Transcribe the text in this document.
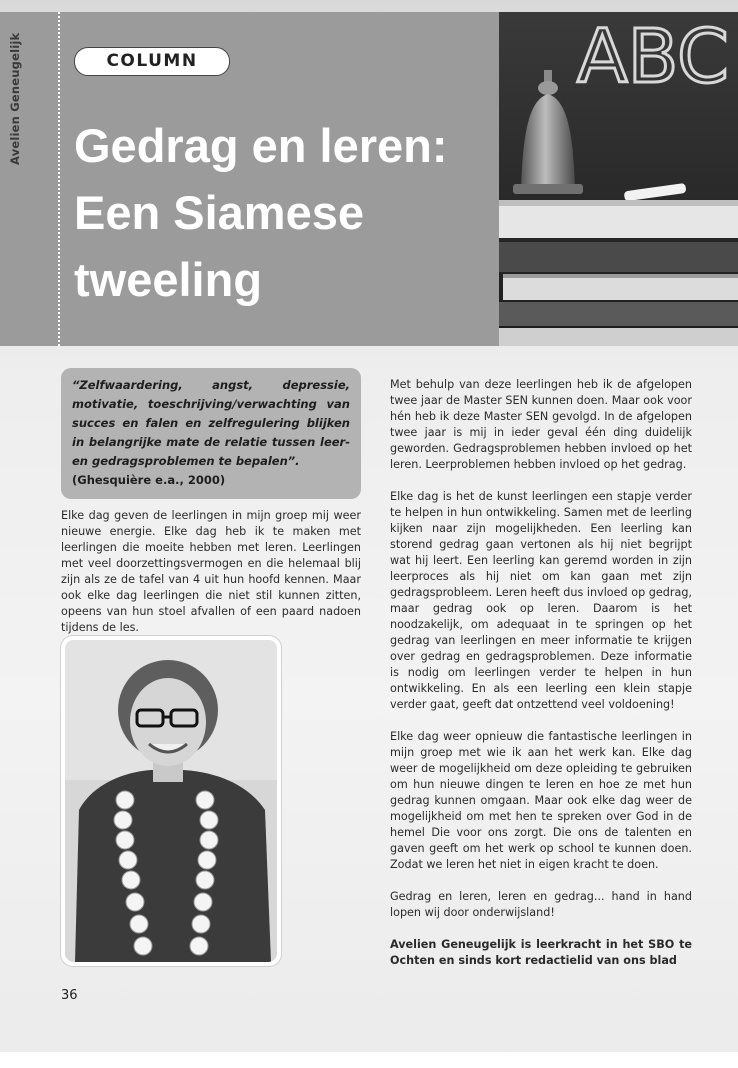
Avelien Geneugelijk	COLUMN
Gedrag en leren:
Een Siamese
tweeling
ABC
“Zelfwaardering, angst, depressie, motivatie, toeschrijving/verwachting van succes en falen en zelfregulering blijken in belangrijke mate de relatie tussen leer- en gedragsproblemen te bepalen”.
(Ghesquière e.a., 2000)

Elke dag geven de leerlingen in mijn groep mij weer nieuwe energie. Elke dag heb ik te maken met leerlingen die moeite hebben met leren. Leerlingen met veel doorzettingsvermogen en die helemaal blij zijn als ze de tafel van 4 uit hun hoofd kennen. Maar ook elke dag leerlingen die niet stil kunnen zitten, opeens van hun stoel afvallen of een paard nadoen tijdens de les.

Met behulp van deze leerlingen heb ik de afgelopen twee jaar de Master SEN kunnen doen. Maar ook voor hén heb ik deze Master SEN gevolgd. In de afgelopen twee jaar is mij in ieder geval één ding duidelijk geworden. Gedragsproblemen hebben invloed op het leren. Leerproblemen hebben invloed op het gedrag.

Elke dag is het de kunst leerlingen een stapje verder te helpen in hun ontwikkeling. Samen met de leerling kijken naar zijn mogelijkheden. Een leerling kan storend gedrag gaan vertonen als hij niet begrijpt wat hij leert. Een leerling kan geremd worden in zijn leerproces als hij niet om kan gaan met zijn gedragsprobleem. Leren heeft dus invloed op gedrag, maar gedrag ook op leren. Daarom is het noodzakelijk, om adequaat in te springen op het gedrag van leerlingen en meer informatie te krijgen over gedrag en gedragsproblemen. Deze informatie is nodig om leerlingen verder te helpen in hun ontwikkeling. En als een leerling een klein stapje verder gaat, geeft dat ontzettend veel voldoening!

Elke dag weer opnieuw die fantastische leerlingen in mijn groep met wie ik aan het werk kan. Elke dag weer de mogelijkheid om deze opleiding te gebruiken om hun nieuwe dingen te leren en hoe ze met hun gedrag kunnen omgaan. Maar ook elke dag weer de mogelijkheid om met hen te spreken over God in de hemel Die voor ons zorgt. Die ons de talenten en gaven geeft om het werk op school te kunnen doen. Zodat we leren het niet in eigen kracht te doen.

Gedrag en leren, leren en gedrag... hand in hand lopen wij door onderwijsland!

Avelien Geneugelijk is leerkracht in het SBO te Ochten en sinds kort redactielid van ons blad

36
